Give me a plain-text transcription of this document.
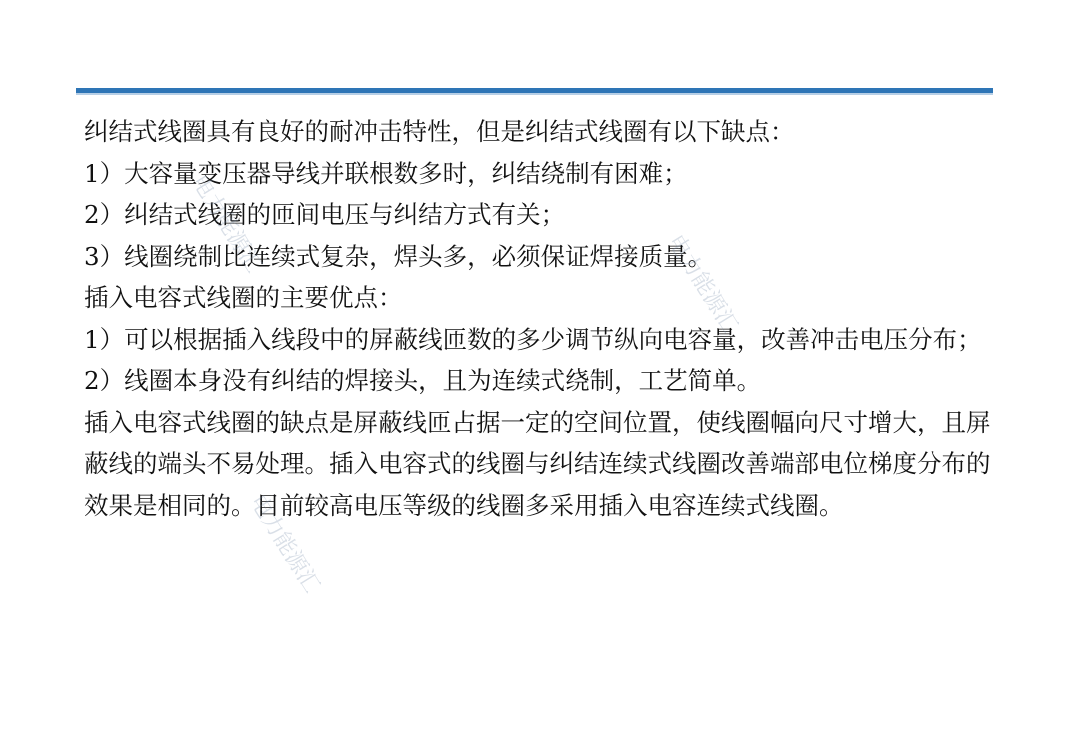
纠结式线圈具有良好的耐冲击特性，但是纠结式线圈有以下缺点：

1）大容量变压器导线并联根数多时，纠结绕制有困难；

2）纠结式线圈的匝间电压与纠结方式有关；

3）线圈绕制比连续式复杂，焊头多，必须保证焊接质量。

插入电容式线圈的主要优点：

1）可以根据插入线段中的屏蔽线匝数的多少调节纵向电容量，改善冲击电压分布；

2）线圈本身没有纠结的焊接头，且为连续式绕制，工艺简单。

插入电容式线圈的缺点是屏蔽线匝占据一定的空间位置，使线圈幅向尺寸增大，且屏蔽线的端头不易处理。插入电容式的线圈与纠结连续式线圈改善端部电位梯度分布的效果是相同的。目前较高电压等级的线圈多采用插入电容连续式线圈。

电力能源汇
电力能源汇
电力能源汇
